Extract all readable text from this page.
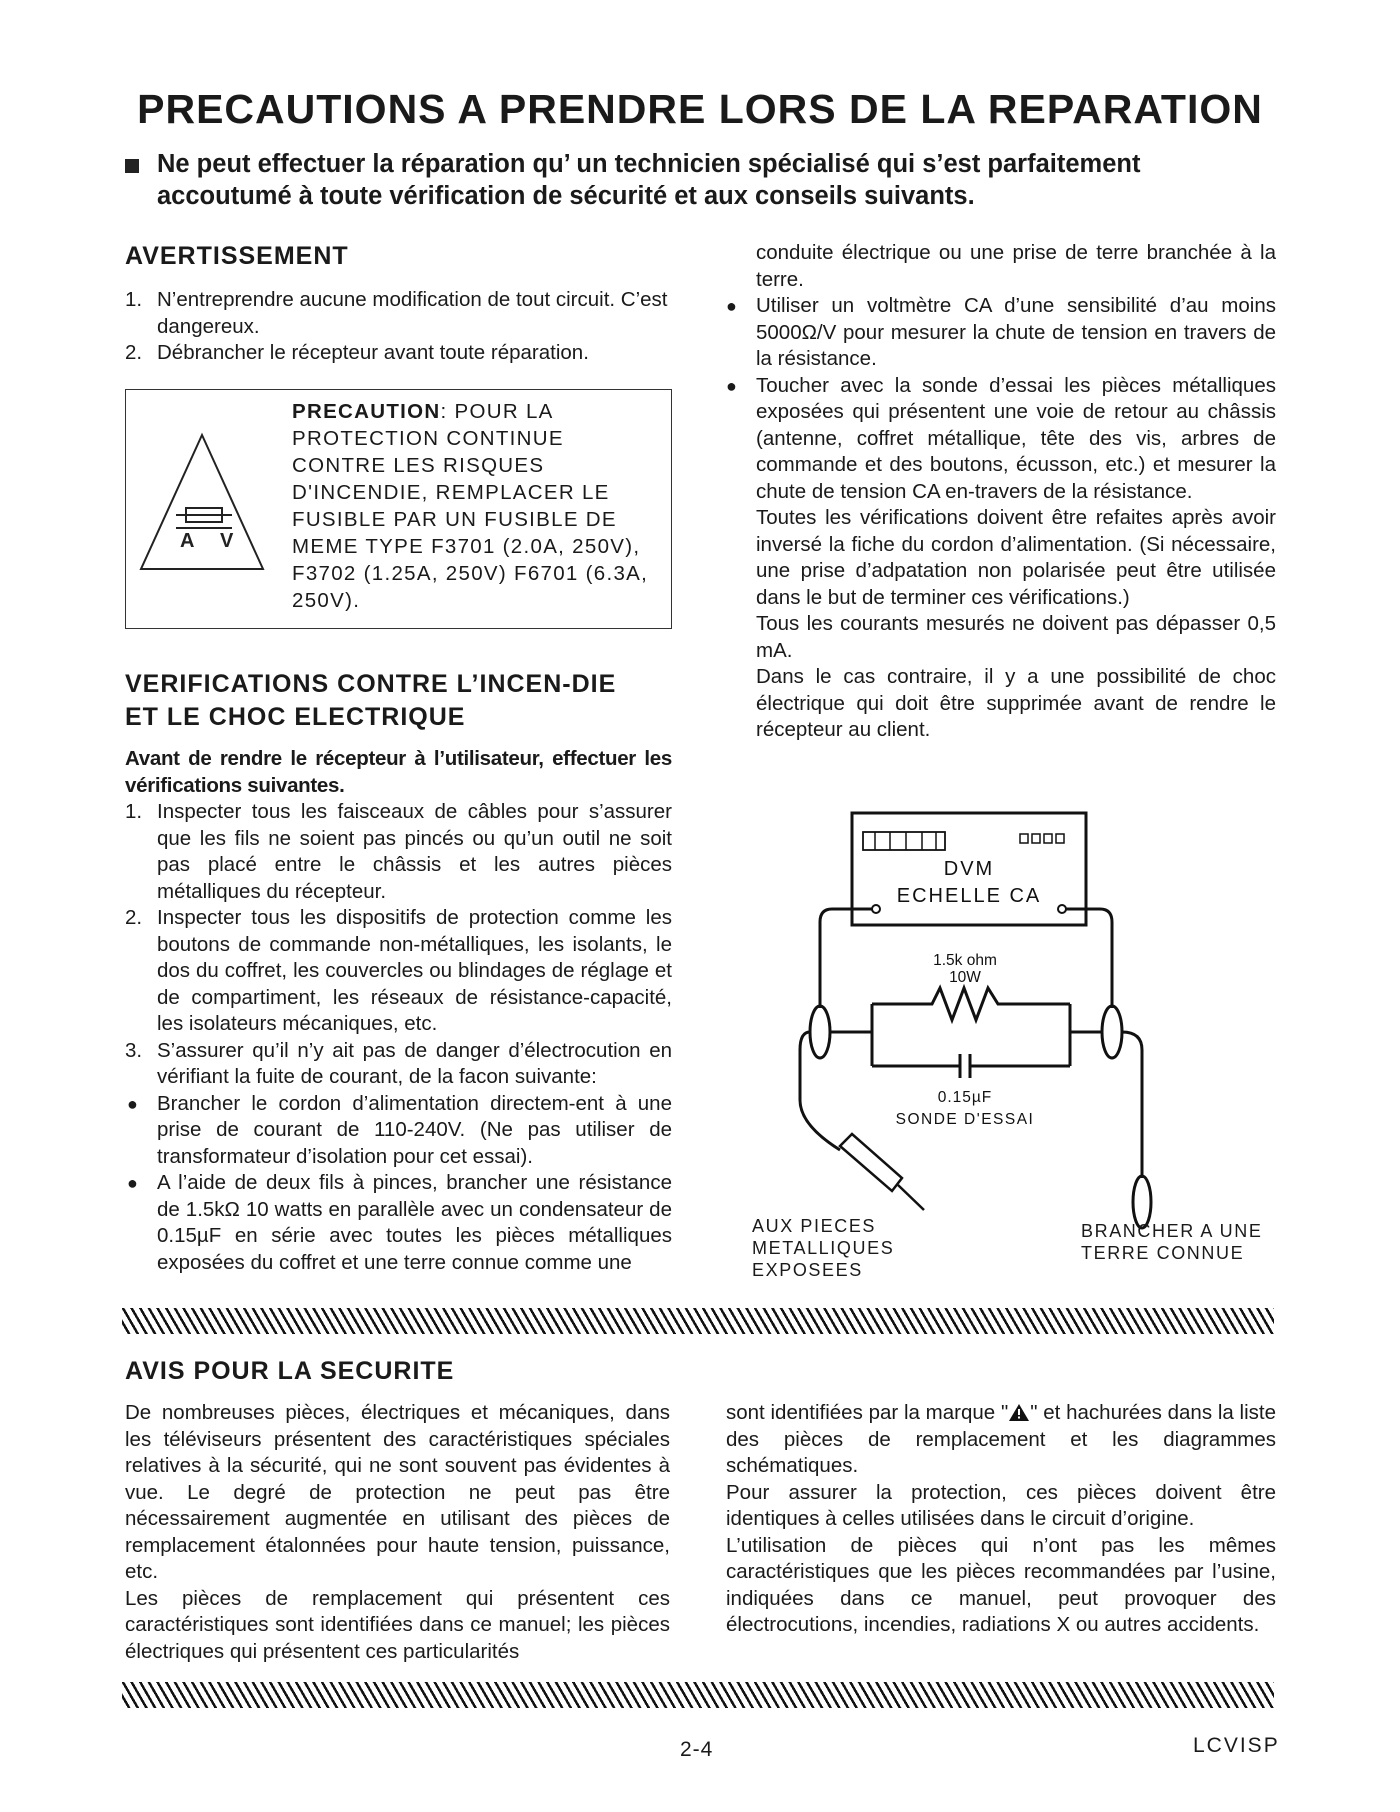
PRECAUTIONS A PRENDRE LORS DE LA REPARATION
Ne peut effectuer la réparation qu’ un technicien spécialisé qui s’est parfaitement accoutumé à toute vérification de sécurité et aux conseils suivants.
AVERTISSEMENT
1. N’entreprendre aucune modification de tout circuit. C’est dangereux.
2. Débrancher le récepteur avant toute réparation.
A V
PRECAUTION: POUR LA PROTECTION CONTINUE CONTRE LES RISQUES D'INCENDIE, REMPLACER LE FUSIBLE PAR UN FUSIBLE DE MEME TYPE F3701 (2.0A, 250V), F3702 (1.25A, 250V) F6701 (6.3A, 250V).
VERIFICATIONS CONTRE L’INCEN-DIE
ET LE CHOC ELECTRIQUE
Avant de rendre le récepteur à l’utilisateur, effectuer les vérifications suivantes.
1. Inspecter tous les faisceaux de câbles pour s’assurer que les fils ne soient pas pincés ou qu’un outil ne soit pas placé entre le châssis et les autres pièces métalliques du récepteur.
2. Inspecter tous les dispositifs de protection comme les boutons de commande non-métalliques, les isolants, le dos du coffret, les couvercles ou blindages de réglage et de compartiment, les réseaux de résistance-capacité, les isolateurs mécaniques, etc.
3. S’assurer qu’il n’y ait pas de danger d’électrocution en vérifiant la fuite de courant, de la facon suivante:
● Brancher le cordon d’alimentation directem-ent à une prise de courant de 110-240V. (Ne pas utiliser de transformateur d’isolation pour cet essai).
● A l’aide de deux fils à pinces, brancher une résistance de 1.5kΩ 10 watts en parallèle avec un condensateur de 0.15µF en série avec toutes les pièces métalliques exposées du coffret et une terre connue comme une
conduite électrique ou une prise de terre branchée à la terre.
● Utiliser un voltmètre CA d’une sensibilité d’au moins 5000Ω/V pour mesurer la chute de tension en travers de la résistance.
● Toucher avec la sonde d’essai les pièces métalliques exposées qui présentent une voie de retour au châssis (antenne, coffret métallique, tête des vis, arbres de commande et des boutons, écusson, etc.) et mesurer la chute de tension CA en-travers de la résistance.
Toutes les vérifications doivent être refaites après avoir inversé la fiche du cordon d’alimentation. (Si nécessaire, une prise d’adpatation non polarisée peut être utilisée dans le but de terminer ces vérifications.)
Tous les courants mesurés ne doivent pas dépasser 0,5 mA.
Dans le cas contraire, il y a une possibilité de choc électrique qui doit être supprimée avant de rendre le récepteur au client.
DVM
ECHELLE CA
1.5k ohm
10W
0.15µF
SONDE D'ESSAI
AUX PIECES
METALLIQUES
EXPOSEES
BRANCHER A UNE
TERRE CONNUE
AVIS POUR LA SECURITE
De nombreuses pièces, électriques et mécaniques, dans les téléviseurs présentent des caractéristiques spéciales relatives à la sécurité, qui ne sont souvent pas évidentes à vue. Le degré de protection ne peut pas être nécessairement augmentée en utilisant des pièces de remplacement étalonnées pour haute tension, puissance, etc.
Les pièces de remplacement qui présentent ces caractéristiques sont identifiées dans ce manuel; les pièces électriques qui présentent ces particularités
sont identifiées par la marque " " et hachurées dans la liste des pièces de remplacement et les diagrammes schématiques.
Pour assurer la protection, ces pièces doivent être identiques à celles utilisées dans le circuit d’origine.
L’utilisation de pièces qui n’ont pas les mêmes caractéristiques que les pièces recommandées par l’usine, indiquées dans ce manuel, peut provoquer des électrocutions, incendies, radiations X ou autres accidents.
2-4	LCVISP
